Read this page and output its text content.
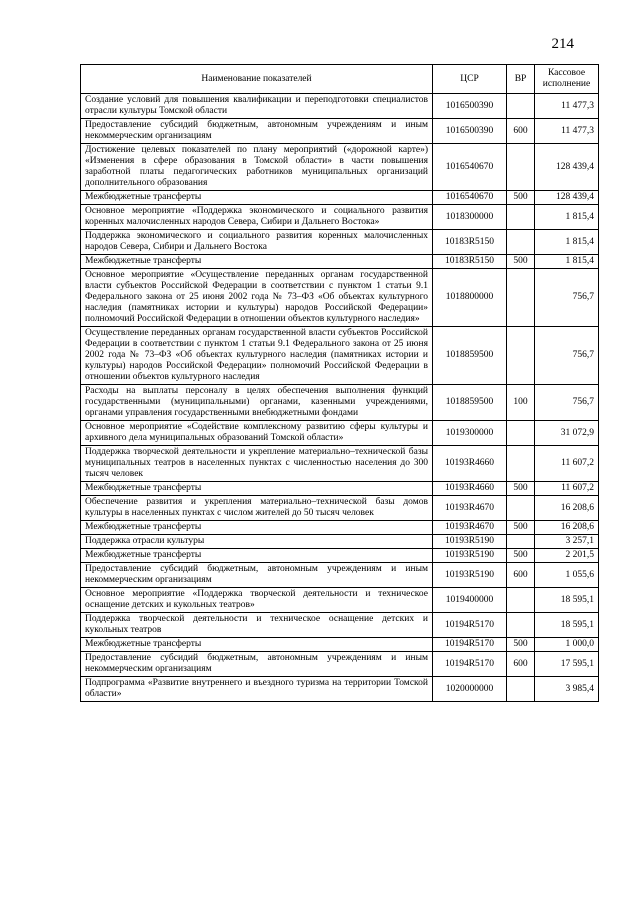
214
Наименование показателей	ЦСР	ВР	Кассовое исполнение
Создание условий для повышения квалификации и переподготовки специалистов отрасли культуры Томской области	1016500390		11 477,3
Предоставление субсидий бюджетным, автономным учреждениям и иным некоммерческим организациям	1016500390	600	11 477,3
Достижение целевых показателей по плану мероприятий («дорожной карте») «Изменения в сфере образования в Томской области» в части повышения заработной платы педагогических работников муниципальных организаций дополнительного образования	1016540670		128 439,4
Межбюджетные трансферты	1016540670	500	128 439,4
Основное мероприятие «Поддержка экономического и социального развития коренных малочисленных народов Севера, Сибири и Дальнего Востока»	1018300000		1 815,4
Поддержка экономического и социального развития коренных малочисленных народов Севера, Сибири и Дальнего Востока	10183R5150		1 815,4
Межбюджетные трансферты	10183R5150	500	1 815,4
Основное мероприятие «Осуществление переданных органам государственной власти субъектов Российской Федерации в соответствии с пунктом 1 статьи 9.1 Федерального закона от 25 июня 2002 года № 73–ФЗ «Об объектах культурного наследия (памятниках истории и культуры) народов Российской Федерации» полномочий Российской Федерации в отношении объектов культурного наследия»	1018800000		756,7
Осуществление переданных органам государственной власти субъектов Российской Федерации в соответствии с пунктом 1 статьи 9.1 Федерального закона от 25 июня 2002 года № 73–ФЗ «Об объектах культурного наследия (памятниках истории и культуры) народов Российской Федерации» полномочий Российской Федерации в отношении объектов культурного наследия	1018859500		756,7
Расходы на выплаты персоналу в целях обеспечения выполнения функций государственными (муниципальными) органами, казенными учреждениями, органами управления государственными внебюджетными фондами	1018859500	100	756,7
Основное мероприятие «Содействие комплексному развитию сферы культуры и архивного дела муниципальных образований Томской области»	1019300000		31 072,9
Поддержка творческой деятельности и укрепление материально–технической базы муниципальных театров в населенных пунктах с численностью населения до 300 тысяч человек	10193R4660		11 607,2
Межбюджетные трансферты	10193R4660	500	11 607,2
Обеспечение развития и укрепления материально–технической базы домов культуры в населенных пунктах с числом жителей до 50 тысяч человек	10193R4670		16 208,6
Межбюджетные трансферты	10193R4670	500	16 208,6
Поддержка отрасли культуры	10193R5190		3 257,1
Межбюджетные трансферты	10193R5190	500	2 201,5
Предоставление субсидий бюджетным, автономным учреждениям и иным некоммерческим организациям	10193R5190	600	1 055,6
Основное мероприятие «Поддержка творческой деятельности и техническое оснащение детских и кукольных театров»	1019400000		18 595,1
Поддержка творческой деятельности и техническое оснащение детских и кукольных театров	10194R5170		18 595,1
Межбюджетные трансферты	10194R5170	500	1 000,0
Предоставление субсидий бюджетным, автономным учреждениям и иным некоммерческим организациям	10194R5170	600	17 595,1
Подпрограмма «Развитие внутреннего и въездного туризма на территории Томской области»	1020000000		3 985,4
